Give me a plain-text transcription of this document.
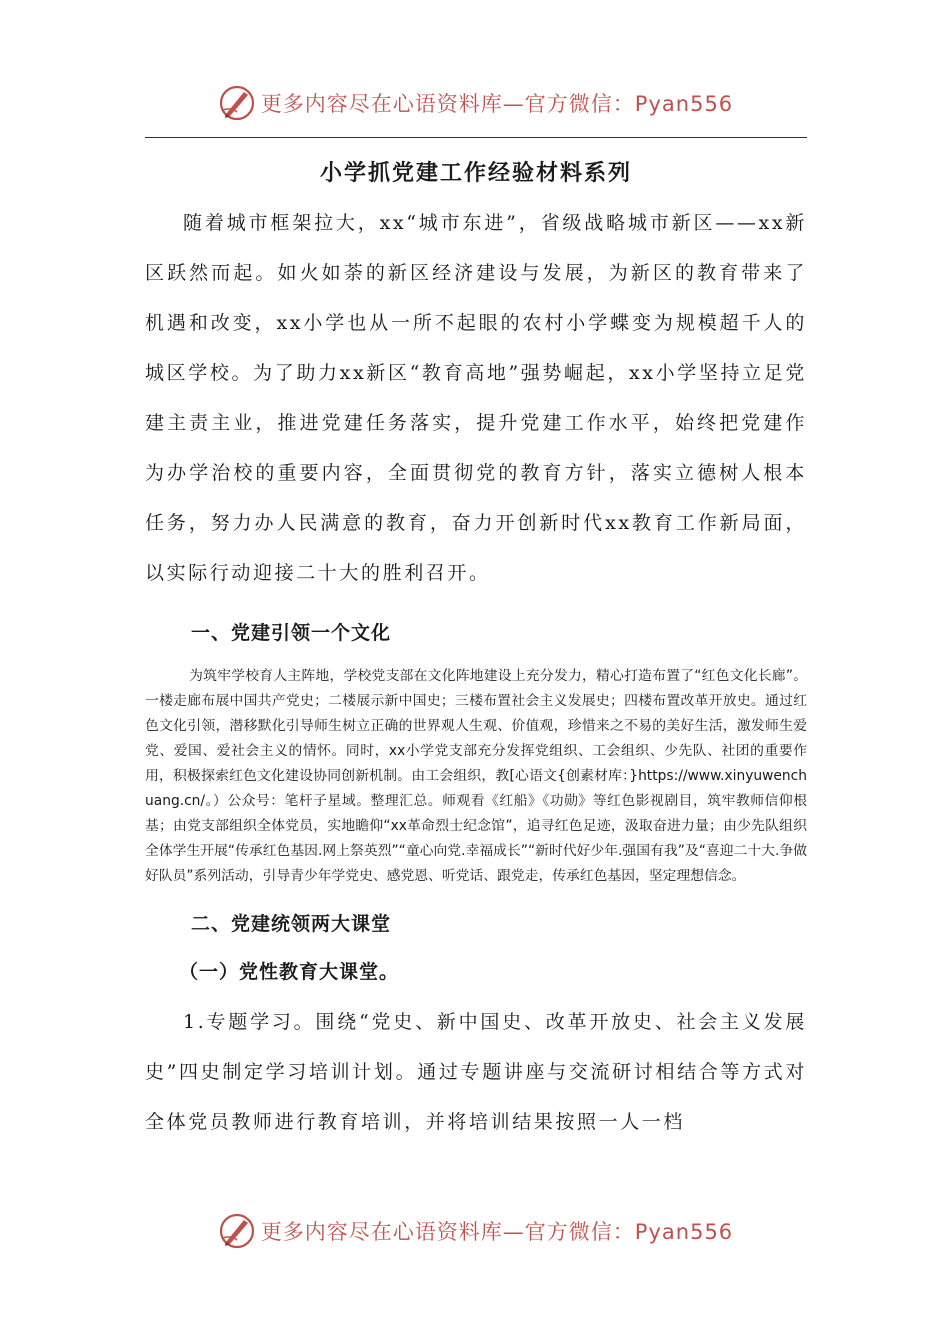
更多内容尽在心语资料库—官方微信：Pyan556
小学抓党建工作经验材料系列

随着城市框架拉大，xx“城市东进”，省级战略城市新区——xx新区跃然而起。如火如荼的新区经济建设与发展，为新区的教育带来了机遇和改变，xx小学也从一所不起眼的农村小学蝶变为规模超千人的城区学校。为了助力xx新区“教育高地”强势崛起，xx小学坚持立足党建主责主业，推进党建任务落实，提升党建工作水平，始终把党建作为办学治校的重要内容，全面贯彻党的教育方针，落实立德树人根本任务，努力办人民满意的教育，奋力开创新时代xx教育工作新局面，以实际行动迎接二十大的胜利召开。

一、党建引领一个文化

为筑牢学校育人主阵地，学校党支部在文化阵地建设上充分发力，精心打造布置了“红色文化长廊”。一楼走廊布展中国共产党史；二楼展示新中国史；三楼布置社会主义发展史；四楼布置改革开放史。通过红色文化引领，潜移默化引导师生树立正确的世界观人生观、价值观，珍惜来之不易的美好生活，激发师生爱党、爱国、爱社会主义的情怀。同时，xx小学党支部充分发挥党组织、工会组织、少先队、社团的重要作用，积极探索红色文化建设协同创新机制。由工会组织，教[心语文{创素材库：}https://www.xinyuwenchuang.cn/。）公众号：笔杆子星域。整理汇总。师观看《红船》《功勋》等红色影视剧目，筑牢教师信仰根基；由党支部组织全体党员，实地瞻仰“xx革命烈士纪念馆”，追寻红色足迹，汲取奋进力量；由少先队组织全体学生开展“传承红色基因.网上祭英烈”“童心向党.幸福成长”“新时代好少年.强国有我”及“喜迎二十大.争做好队员”系列活动，引导青少年学党史、感党恩、听党话、跟党走，传承红色基因，坚定理想信念。

二、党建统领两大课堂
（一）党性教育大课堂。

1.专题学习。围绕“党史、新中国史、改革开放史、社会主义发展史”四史制定学习培训计划。通过专题讲座与交流研讨相结合等方式对全体党员教师进行教育培训，并将培训结果按照一人一档

更多内容尽在心语资料库—官方微信：Pyan556
